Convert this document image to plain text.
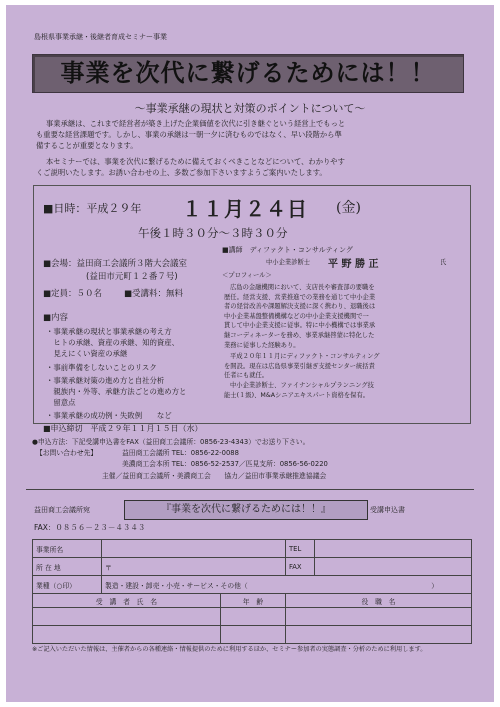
島根県事業承継・後継者育成セミナー事業
事業を次代に繋げるためには！！
～事業承継の現状と対策のポイントについて～
事業承継は、これまで経営者が築き上げた企業価値を次代に引き継ぐという経営上でもっと
も重要な経営課題です。しかし、事業の承継は一朝一夕に済むものではなく、早い段階から準
備することが重要となります。
本セミナーでは、事業を次代に繋げるために備えておくべきことなどについて、わかりやす
くご説明いたします。お誘い合わせの上、多数ご参加下さいますようご案内いたします。
■日時：平成２９年 １１月２４日 (金)
午後１時３０分～３時３０分
■会場：益田商工会議所３階大会議室
(益田市元町１２番７号)
■定員：５０名	■受講料：無料
■内容
・事業承継の現状と事業承継の考え方
　ヒトの承継、資産の承継、知的資産、
　見えにくい資産の承継
・事前準備をしないことのリスク
・事業承継対策の進め方と自社分析
　親族内・外等、承継方法ごとの進め方と
　留意点
・事業承継の成功例・失敗例　　など
■申込締切　平成２９年１１月１５日（水）
■講師　ディファクト・コンサルティング
中小企業診断士 平 野 勝 正	氏
＜プロフィール＞
広島の金融機関において、支店長や審査部の要職を
歴任。経営支援、営業推進での業務を通じて中小企業
者の経営改善や課題解決支援に深く携わり、退職後は
中小企業基盤整備機構などの中小企業支援機関で一
貫して中小企業支援に従事。特に中小機構では事業承
継コーディネーターを務め、事業承継啓蒙に特化した
業務に従事した経験あり。
平成２０年１１月にディファクト・コンサルティング
を開設。現在は広島県事業引継ぎ支援センター統括責
任者にも就任。
中小企業診断士、ファイナンシャルプランニング技
能士(１級)、M&Aシニアエキスパート資格を保有。
●申込方法：下記受講申込書をFAX（益田商工会議所：0856-23-4343）でお送り下さい。
【お問い合わせ先】	益田商工会議所 TEL：0856-22-0088
美濃商工会本所 TEL：0856-52-2537／匹見支所：0856-56-0220
主催／益田商工会議所・美濃商工会　　協力／益田市事業承継推進協議会
益田商工会議所宛	『事業を次代に繋げるためには！！』	受講申込書
FAX：０８５６－２３－４３４３
事業所名			TEL	
所 在 地	〒		FAX	
業種（○印）	製造・建設・卸売・小売・サービス・その他（ ）			

受　講　者　氏　名		年　齢	役　職　名	

※ご記入いただいた情報は、主催者からの各種連絡・情報提供のために利用するほか、セミナー参加者の実態調査・分析のために利用します。
